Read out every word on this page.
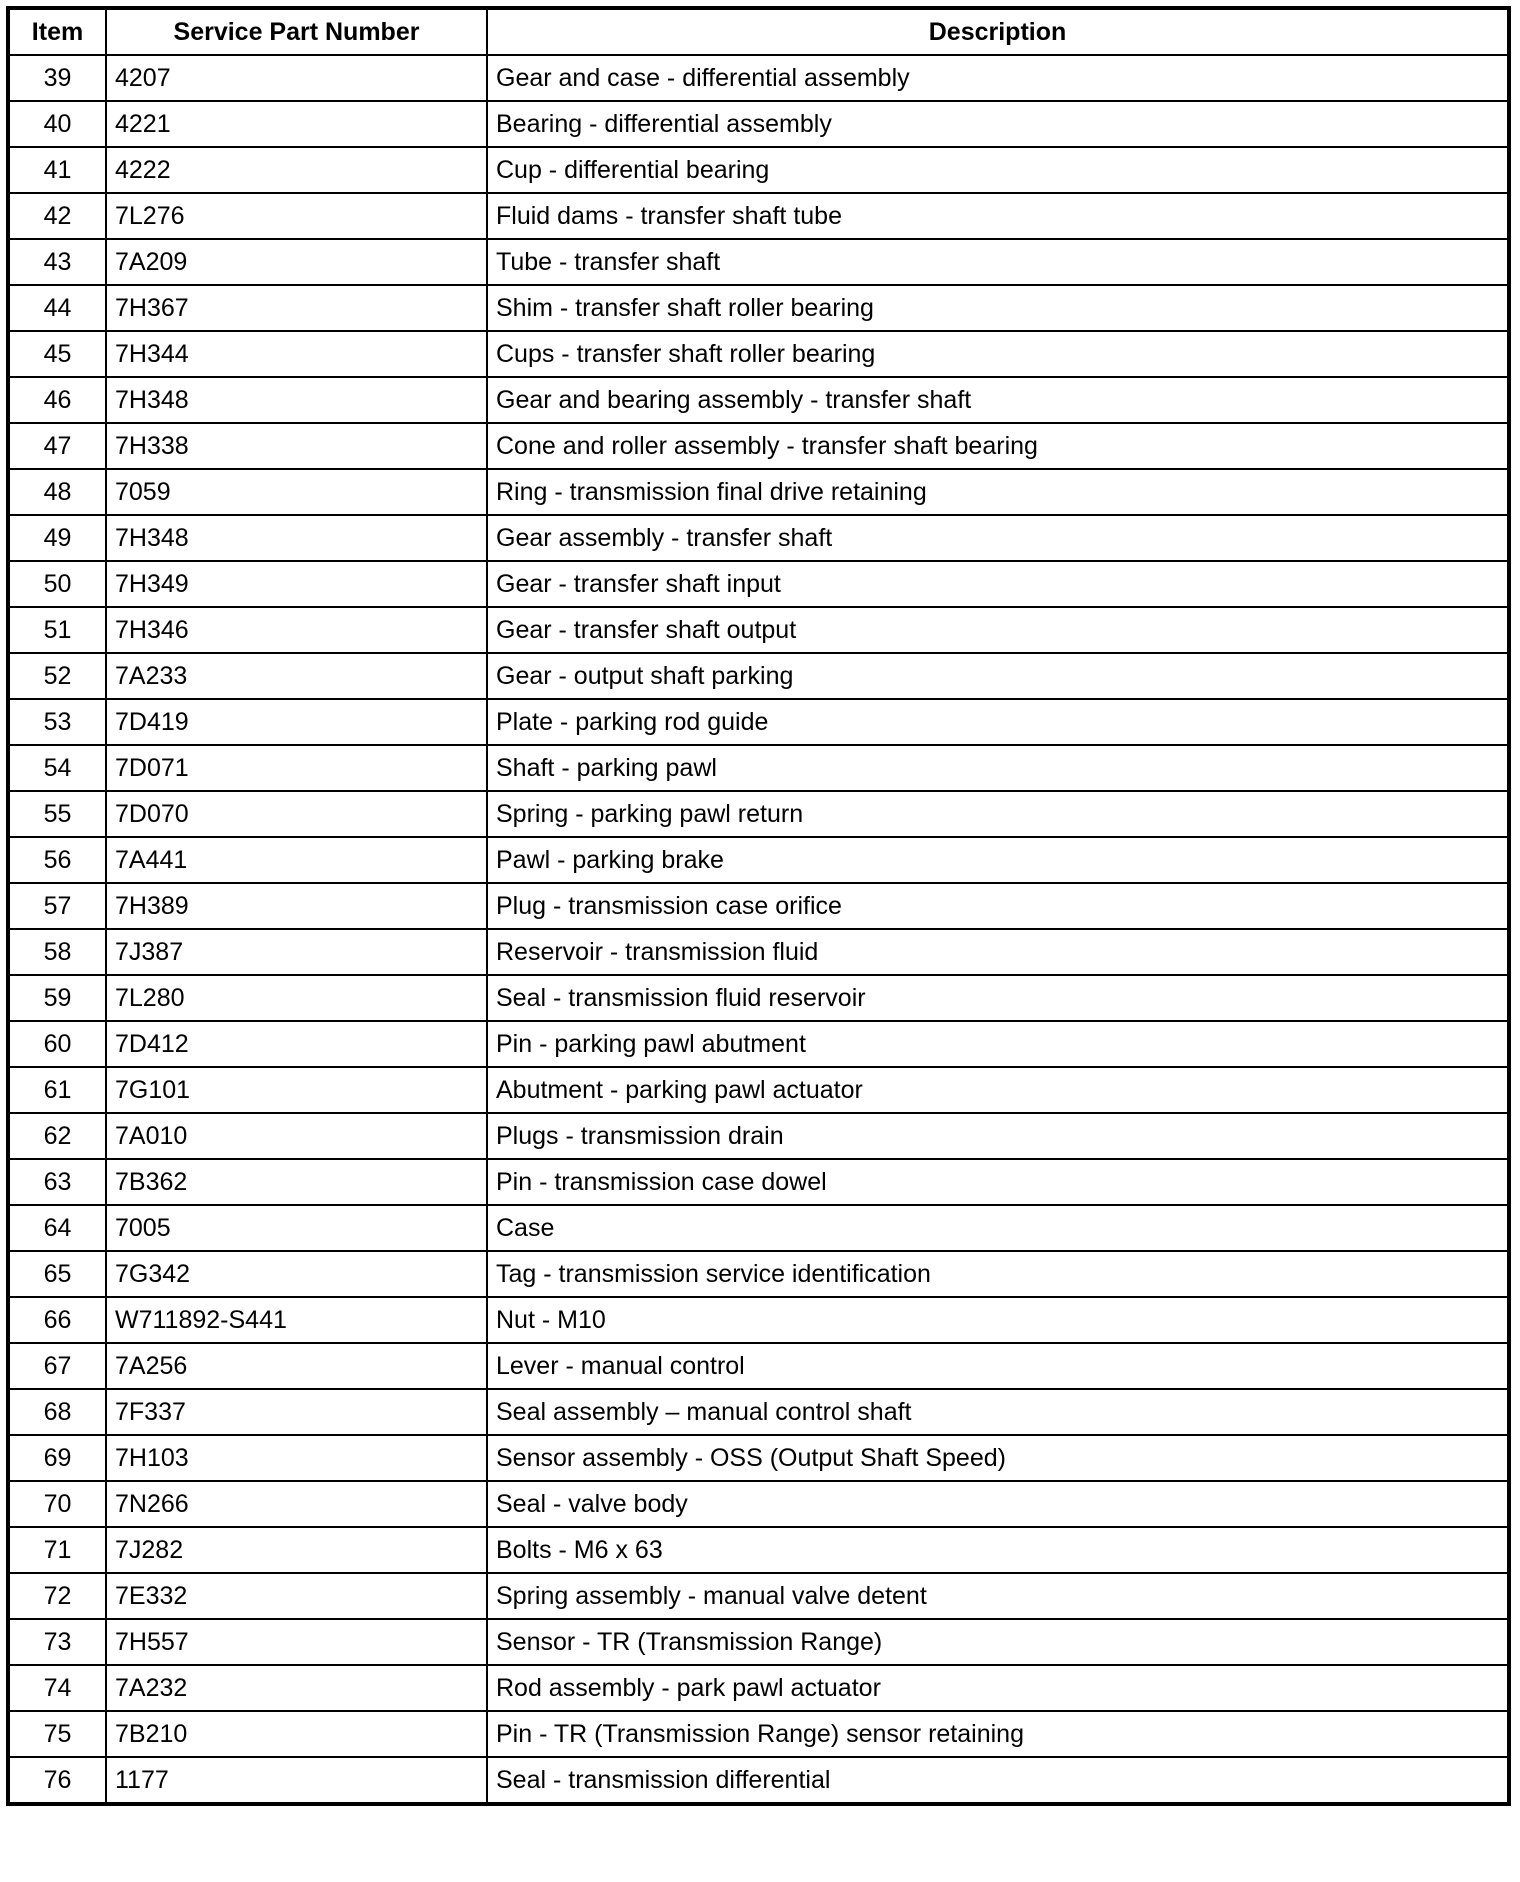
Item	Service Part Number	Description
39	4207	Gear and case - differential assembly
40	4221	Bearing - differential assembly
41	4222	Cup - differential bearing
42	7L276	Fluid dams - transfer shaft tube
43	7A209	Tube - transfer shaft
44	7H367	Shim - transfer shaft roller bearing
45	7H344	Cups - transfer shaft roller bearing
46	7H348	Gear and bearing assembly - transfer shaft
47	7H338	Cone and roller assembly - transfer shaft bearing
48	7059	Ring - transmission final drive retaining
49	7H348	Gear assembly - transfer shaft
50	7H349	Gear - transfer shaft input
51	7H346	Gear - transfer shaft output
52	7A233	Gear - output shaft parking
53	7D419	Plate - parking rod guide
54	7D071	Shaft - parking pawl
55	7D070	Spring - parking pawl return
56	7A441	Pawl - parking brake
57	7H389	Plug - transmission case orifice
58	7J387	Reservoir - transmission fluid
59	7L280	Seal - transmission fluid reservoir
60	7D412	Pin - parking pawl abutment
61	7G101	Abutment - parking pawl actuator
62	7A010	Plugs - transmission drain
63	7B362	Pin - transmission case dowel
64	7005	Case
65	7G342	Tag - transmission service identification
66	W711892-S441	Nut - M10
67	7A256	Lever - manual control
68	7F337	Seal assembly – manual control shaft
69	7H103	Sensor assembly - OSS (Output Shaft Speed)
70	7N266	Seal - valve body
71	7J282	Bolts - M6 x 63
72	7E332	Spring assembly - manual valve detent
73	7H557	Sensor - TR (Transmission Range)
74	7A232	Rod assembly - park pawl actuator
75	7B210	Pin - TR (Transmission Range) sensor retaining
76	1177	Seal - transmission differential
